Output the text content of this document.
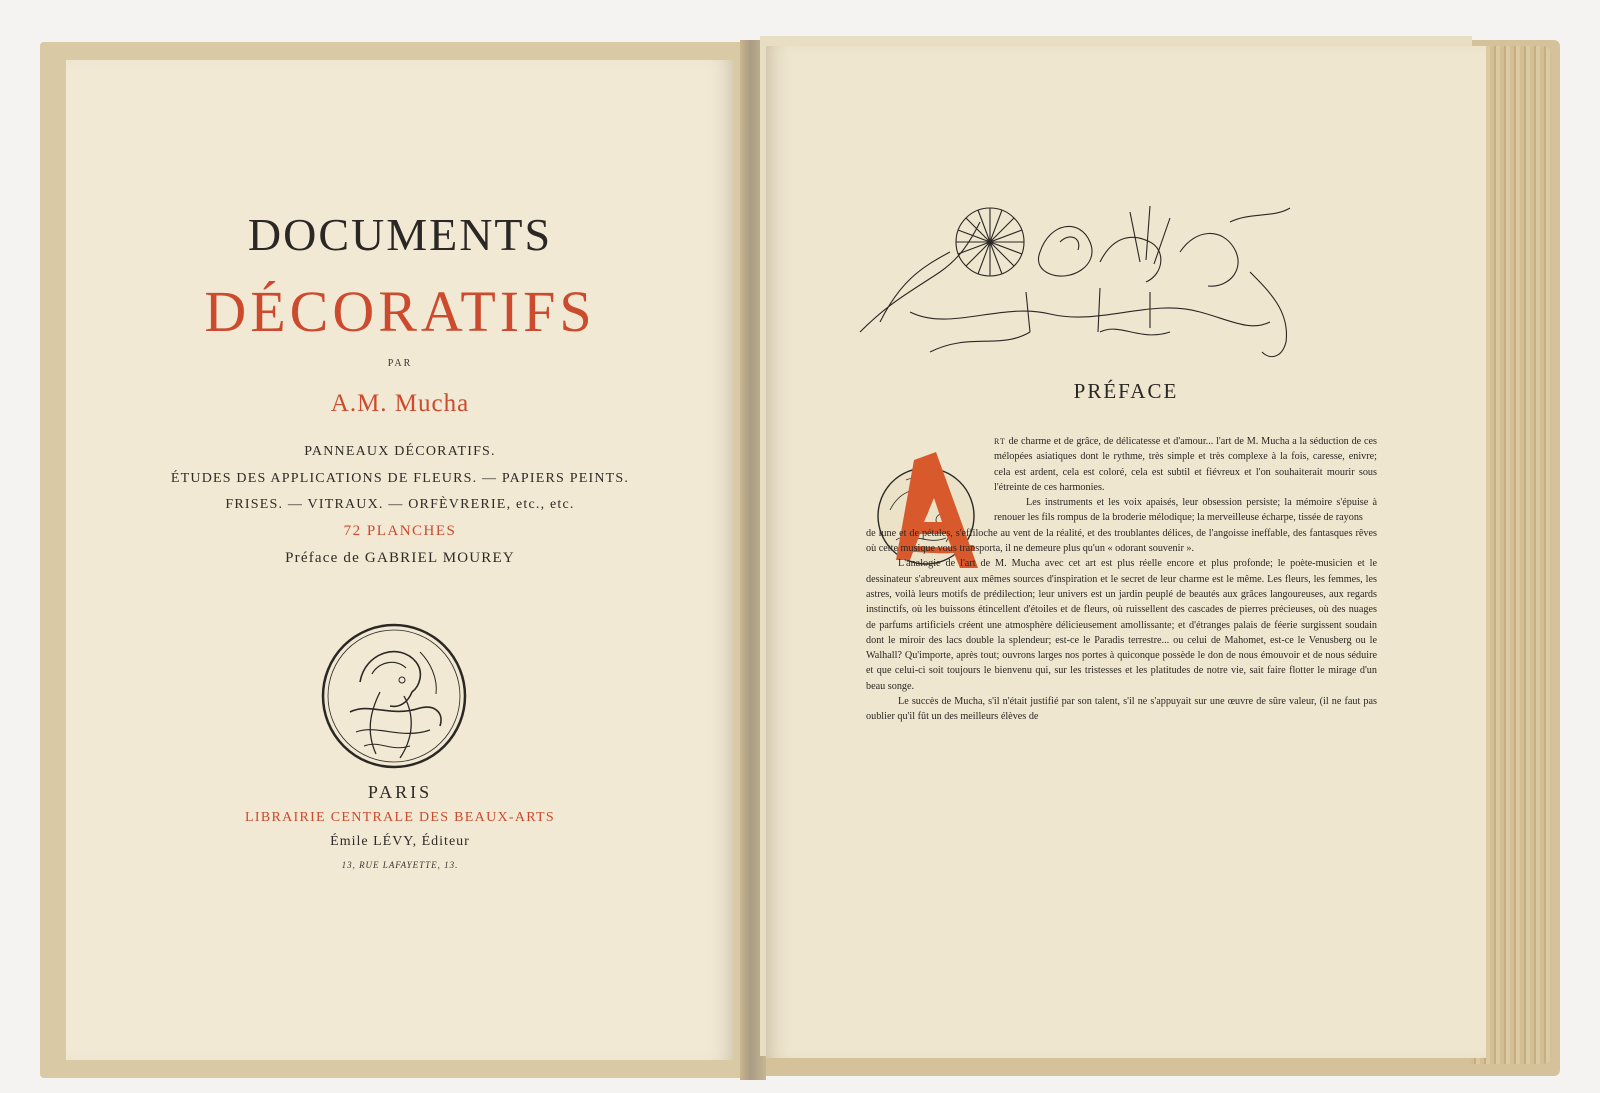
DOCUMENTS
DÉCORATIFS
PAR
A.M. Mucha
PANNEAUX DÉCORATIFS.
ÉTUDES DES APPLICATIONS DE FLEURS. — PAPIERS PEINTS.
FRISES. — VITRAUX. — ORFÈVRERIE, etc., etc.
72 PLANCHES
Préface de GABRIEL MOUREY
PARIS
LIBRAIRIE CENTRALE DES BEAUX-ARTS
Émile LÉVY, Éditeur
13, RUE LAFAYETTE, 13.
PRÉFACE

RT de charme et de grâce, de délicatesse et d'amour... l'art de M. Mucha a la séduction de ces mélopées asiatiques dont le rythme, très simple et très complexe à la fois, caresse, enivre; cela est ardent, cela est coloré, cela est subtil et fiévreux et l'on souhaiterait mourir sous l'étreinte de ces harmonies.

Les instruments et les voix apaisés, leur obsession persiste; la mémoire s'épuise à renouer les fils rompus de la broderie mélodique; la merveilleuse écharpe, tissée de rayons

de lune et de pétales, s'effiloche au vent de la réalité, et des troublantes délices, de l'angoisse ineffable, des fantasques rêves où cette musique vous transporta, il ne demeure plus qu'un « odorant souvenir ».

L'analogie de l'art de M. Mucha avec cet art est plus réelle encore et plus profonde; le poète-musicien et le dessinateur s'abreuvent aux mêmes sources d'inspiration et le secret de leur charme est le même. Les fleurs, les femmes, les astres, voilà leurs motifs de prédilection; leur univers est un jardin peuplé de beautés aux grâces langoureuses, aux regards instinctifs, où les buissons étincellent d'étoiles et de fleurs, où ruissellent des cascades de pierres précieuses, où des nuages de parfums artificiels créent une atmosphère délicieusement amollissante; et d'étranges palais de féerie surgissent soudain dont le miroir des lacs double la splendeur; est-ce le Paradis terrestre... ou celui de Mahomet, est-ce le Venusberg ou le Walhall? Qu'importe, après tout; ouvrons larges nos portes à quiconque possède le don de nous émouvoir et de nous séduire et que celui-ci soit toujours le bienvenu qui, sur les tristesses et les platitudes de notre vie, sait faire flotter le mirage d'un beau songe.

Le succès de Mucha, s'il n'était justifié par son talent, s'il ne s'appuyait sur une œuvre de sûre valeur, (il ne faut pas oublier qu'il fût un des meilleurs élèves de
